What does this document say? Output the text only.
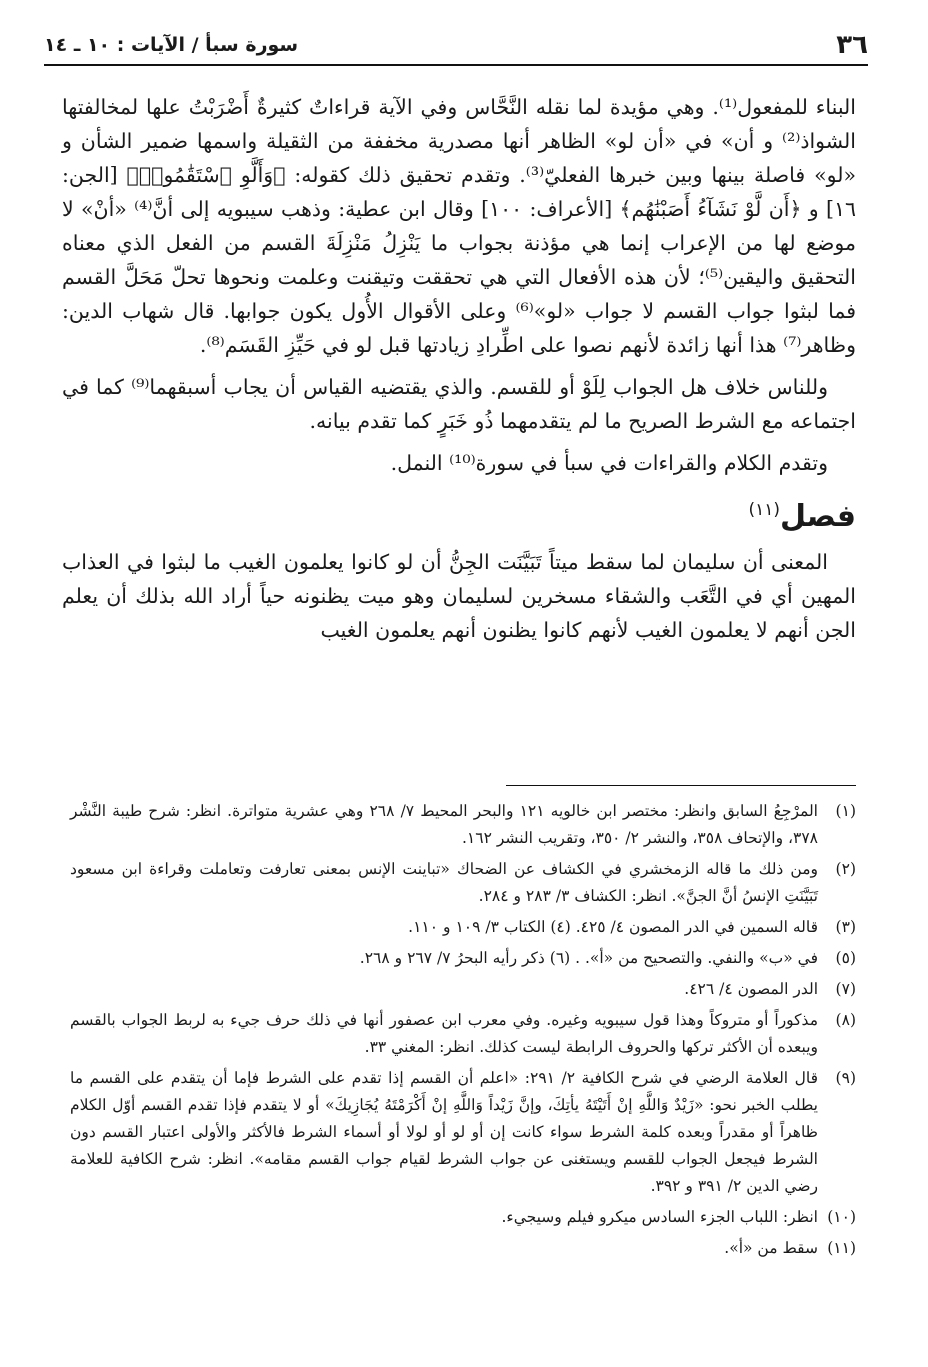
٣٦
سورة سبأ / الآيات : ١٠ ـ ١٤

البناء للمفعول⁽¹⁾. وهي مؤيدة لما نقله النَّحَّاس وفي الآية قراءاتٌ كثيرةٌ أَضْرَبْتُ علها لمخالفتها الشواذ⁽²⁾ و أن» في «أن لو» الظاهر أنها مصدرية مخففة من الثقيلة واسمها ضمير الشأن و «لو» فاصلة بينها وبين خبرها الفعليّ⁽³⁾. وتقدم تحقيق ذلك كقوله: ﴿وَأَلَّوِ ٱسْتَقَٰمُوا۟﴾ [الجن: ١٦] و ﴿أَن لَّوْ نَشَآءُ أَصَبْنَٰهُم﴾ [الأعراف: ١٠٠] وقال ابن عطية: وذهب سيبويه إلى أنَّ⁽⁴⁾ «أنْ» لا موضع لها من الإعراب إنما هي مؤذنة بجواب ما يَنْزِلُ مَنْزِلَةَ القسم من الفعل الذي معناه التحقيق واليقين⁽⁵⁾؛ لأن هذه الأفعال التي هي تحققت وتيقنت وعلمت ونحوها تحلّ مَحَلَّ القسم فما لبثوا جواب القسم لا جواب «لو»⁽⁶⁾ وعلى الأقوال الأُول يكون جوابها. قال شهاب الدين: وظاهر⁽⁷⁾ هذا أنها زائدة لأنهم نصوا على اطِّرادِ زيادتها قبل لو في حَيِّزِ القَسَم⁽⁸⁾.

وللناس خلاف هل الجواب لِلَوْ أو للقسم. والذي يقتضيه القياس أن يجاب أسبقهما⁽⁹⁾ كما في اجتماعه مع الشرط الصريح ما لم يتقدمهما ذُو خَبَرٍ كما تقدم بيانه.

وتقدم الكلام والقراءات في سبأ في سورة⁽¹⁰⁾ النمل.

فصل$^{(١١)}$

المعنى أن سليمان لما سقط ميتاً تَبَيَّنَت الجِنُّ أن لو كانوا يعلمون الغيب ما لبثوا في العذاب المهين أي في التَّعَب والشقاء مسخرين لسليمان وهو ميت يظنونه حياً أراد الله بذلك أن يعلم الجن أنهم لا يعلمون الغيب لأنهم كانوا يظنون أنهم يعلمون الغيب

(١)
المرْجِعُ السابق وانظر: مختصر ابن خالويه ١٢١ والبحر المحيط ٧/ ٢٦٨ وهي عشرية متواترة. انظر: شرح طيبة النَّشْر ٣٧٨، والإتحاف ٣٥٨، والنشر ٢/ ٣٥٠، وتقريب النشر ١٦٢.
(٢)
ومن ذلك ما قاله الزمخشري في الكشاف عن الضحاك «تباينت الإنس بمعنى تعارفت وتعاملت وقراءة ابن مسعود تَبَيَّنَتِ الإنسُ أنَّ الجنَّ». انظر: الكشاف ٣/ ٢٨٣ و ٢٨٤.
(٣)
قاله السمين في الدر المصون ٤/ ٤٢٥. (٤) الكتاب ٣/ ١٠٩ و ١١٠.
(٥)
في «ب» والنفي. والتصحيح من «أ». . (٦) ذكر رأيه البحرُ ٧/ ٢٦٧ و ٢٦٨.
(٧)
الدر المصون ٤/ ٤٢٦.
(٨)
مذكوراً أو متروكاً وهذا قول سيبويه وغيره. وفي معرب ابن عصفور أنها في ذلك حرف جيء به لربط الجواب بالقسم ويبعده أن الأكثر تركها والحروف الرابطة ليست كذلك. انظر: المغني ٣٣.
(٩)
قال العلامة الرضي في شرح الكافية ٢/ ٢٩١: «اعلم أن القسم إذا تقدم على الشرط فإما أن يتقدم على القسم ما يطلب الخبر نحو: «زَيْدٌ وَاللَّهِ إنْ أَتَيْتَهُ يأتِكَ، وإنَّ زَيْداً وَاللَّهِ إنْ أَكْرَمْتَهُ يُجَازِيكَ» أو لا يتقدم فإذا تقدم القسم أوّل الكلام ظاهراً أو مقدراً وبعده كلمة الشرط سواء كانت إن أو لو أو لولا أو أسماء الشرط فالأكثر والأولى اعتبار القسم دون الشرط فيجعل الجواب للقسم ويستغنى عن جواب الشرط لقيام جواب القسم مقامه». انظر: شرح الكافية للعلامة رضي الدين ٢/ ٣٩١ و ٣٩٢.
(١٠)
انظر: اللباب الجزء السادس ميكرو فيلم وسيجيء.
(١١)
سقط من «أ».
